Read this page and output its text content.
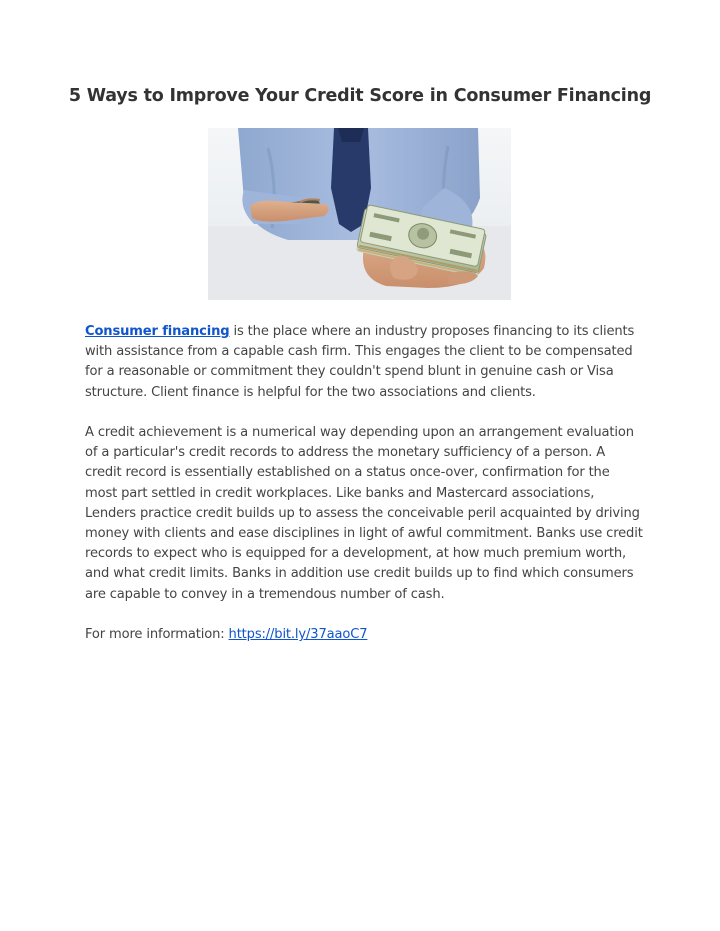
5 Ways to Improve Your Credit Score in Consumer Financing

Consumer financing is the place where an industry proposes financing to its clients with assistance from a capable cash firm. This engages the client to be compensated for a reasonable or commitment they couldn't spend blunt in genuine cash or Visa structure. Client finance is helpful for the two associations and clients.

A credit achievement is a numerical way depending upon an arrangement evaluation of a particular's credit records to address the monetary sufficiency of a person. A credit record is essentially established on a status once-over, confirmation for the most part settled in credit workplaces. Like banks and Mastercard associations, Lenders practice credit builds up to assess the conceivable peril acquainted by driving money with clients and ease disciplines in light of awful commitment. Banks use credit records to expect who is equipped for a development, at how much premium worth, and what credit limits. Banks in addition use credit builds up to find which consumers are capable to convey in a tremendous number of cash.

For more information: https://bit.ly/37aaoC7
